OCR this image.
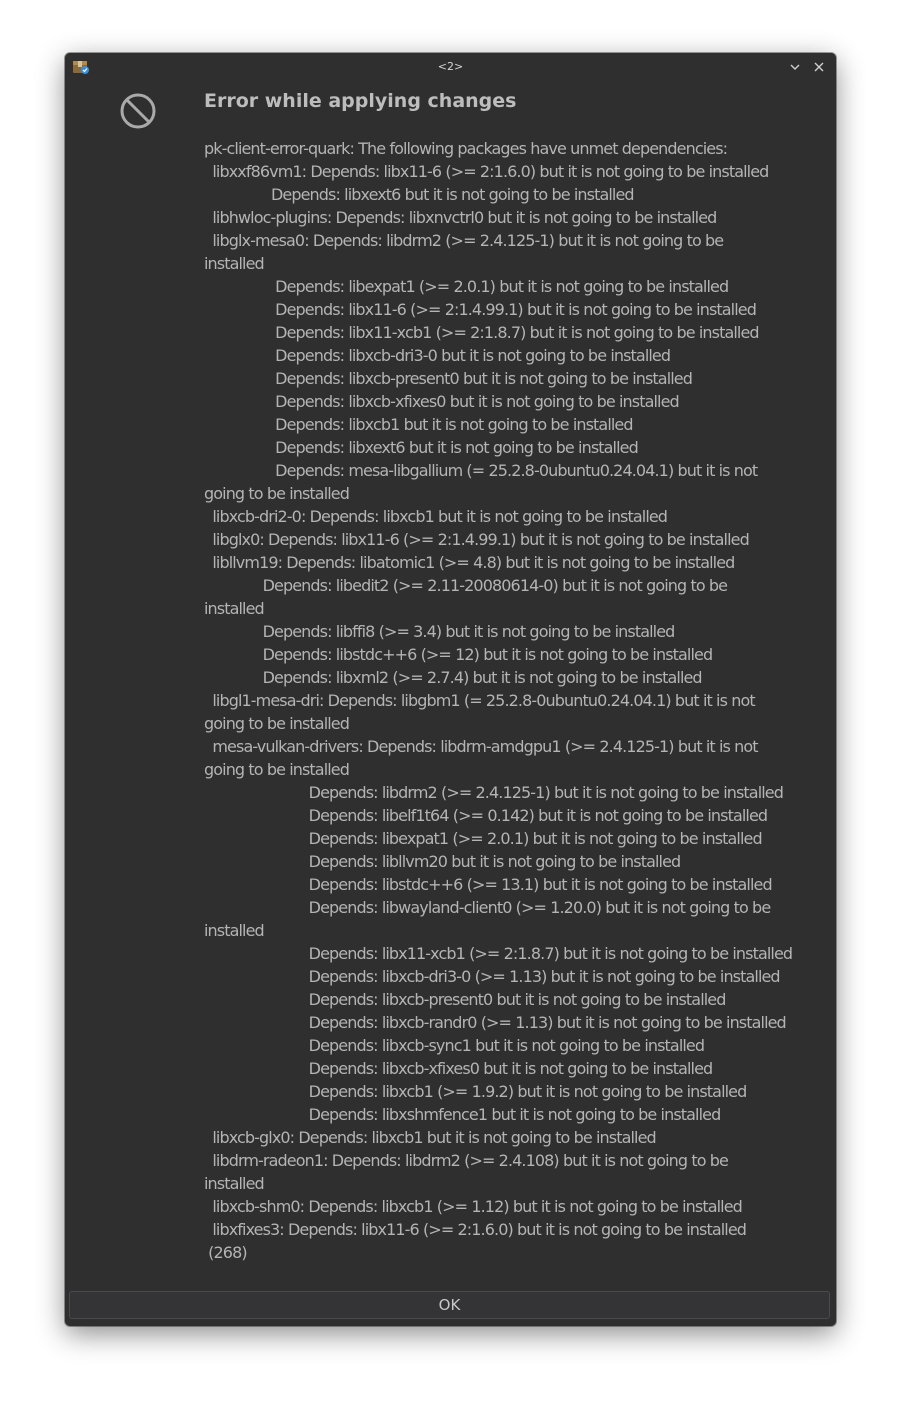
<2>
Error while applying changes
pk-client-error-quark: The following packages have unmet dependencies:
libxxf86vm1: Depends: libx11-6 (>= 2:1.6.0) but it is not going to be installed
Depends: libxext6 but it is not going to be installed
libhwloc-plugins: Depends: libxnvctrl0 but it is not going to be installed
libglx-mesa0: Depends: libdrm2 (>= 2.4.125-1) but it is not going to be
installed
Depends: libexpat1 (>= 2.0.1) but it is not going to be installed
Depends: libx11-6 (>= 2:1.4.99.1) but it is not going to be installed
Depends: libx11-xcb1 (>= 2:1.8.7) but it is not going to be installed
Depends: libxcb-dri3-0 but it is not going to be installed
Depends: libxcb-present0 but it is not going to be installed
Depends: libxcb-xfixes0 but it is not going to be installed
Depends: libxcb1 but it is not going to be installed
Depends: libxext6 but it is not going to be installed
Depends: mesa-libgallium (= 25.2.8-0ubuntu0.24.04.1) but it is not
going to be installed
libxcb-dri2-0: Depends: libxcb1 but it is not going to be installed
libglx0: Depends: libx11-6 (>= 2:1.4.99.1) but it is not going to be installed
libllvm19: Depends: libatomic1 (>= 4.8) but it is not going to be installed
Depends: libedit2 (>= 2.11-20080614-0) but it is not going to be
installed
Depends: libffi8 (>= 3.4) but it is not going to be installed
Depends: libstdc++6 (>= 12) but it is not going to be installed
Depends: libxml2 (>= 2.7.4) but it is not going to be installed
libgl1-mesa-dri: Depends: libgbm1 (= 25.2.8-0ubuntu0.24.04.1) but it is not
going to be installed
mesa-vulkan-drivers: Depends: libdrm-amdgpu1 (>= 2.4.125-1) but it is not
going to be installed
Depends: libdrm2 (>= 2.4.125-1) but it is not going to be installed
Depends: libelf1t64 (>= 0.142) but it is not going to be installed
Depends: libexpat1 (>= 2.0.1) but it is not going to be installed
Depends: libllvm20 but it is not going to be installed
Depends: libstdc++6 (>= 13.1) but it is not going to be installed
Depends: libwayland-client0 (>= 1.20.0) but it is not going to be
installed
Depends: libx11-xcb1 (>= 2:1.8.7) but it is not going to be installed
Depends: libxcb-dri3-0 (>= 1.13) but it is not going to be installed
Depends: libxcb-present0 but it is not going to be installed
Depends: libxcb-randr0 (>= 1.13) but it is not going to be installed
Depends: libxcb-sync1 but it is not going to be installed
Depends: libxcb-xfixes0 but it is not going to be installed
Depends: libxcb1 (>= 1.9.2) but it is not going to be installed
Depends: libxshmfence1 but it is not going to be installed
libxcb-glx0: Depends: libxcb1 but it is not going to be installed
libdrm-radeon1: Depends: libdrm2 (>= 2.4.108) but it is not going to be
installed
libxcb-shm0: Depends: libxcb1 (>= 1.12) but it is not going to be installed
libxfixes3: Depends: libx11-6 (>= 2:1.6.0) but it is not going to be installed
(268)
OK
